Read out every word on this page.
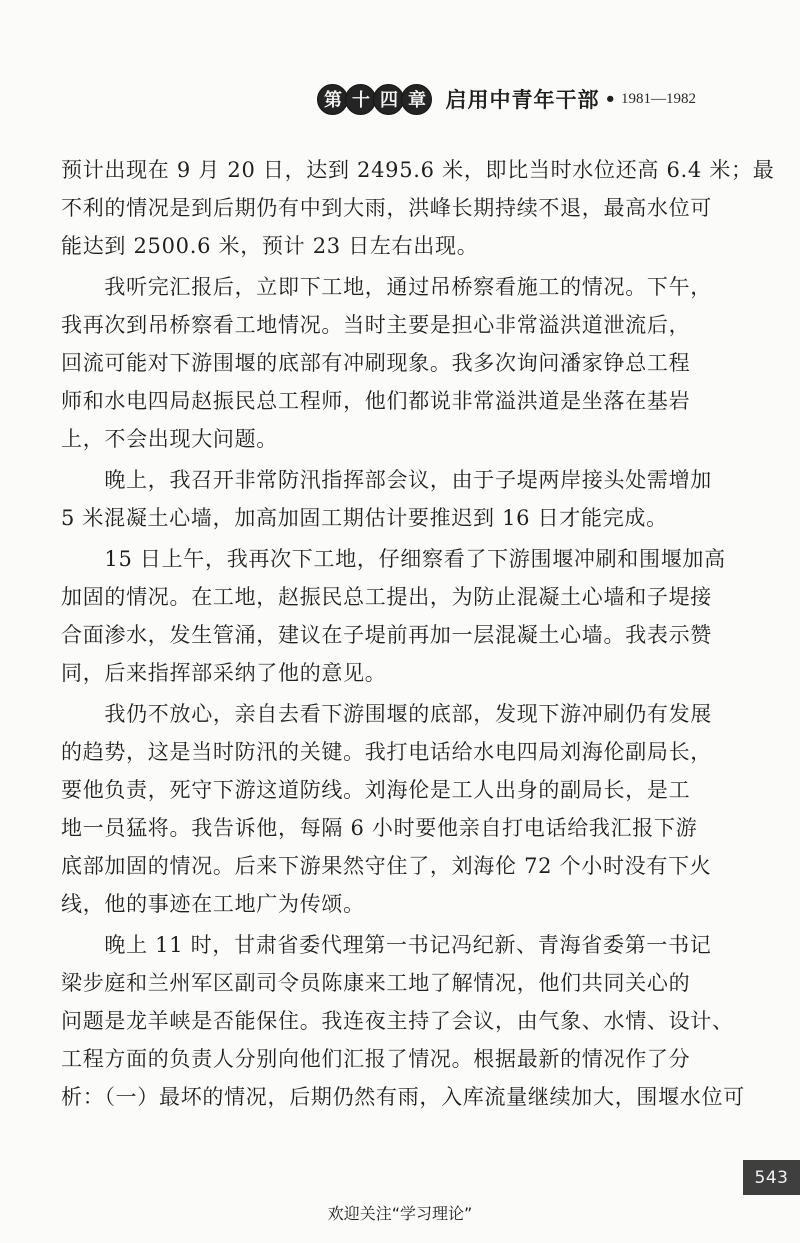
第 十 四 章 启用中青年干部 • 1981—1982
预计出现在 9 月 20 日，达到 2495.6 米，即比当时水位还高 6.4 米；最
不利的情况是到后期仍有中到大雨，洪峰长期持续不退，最高水位可
能达到 2500.6 米，预计 23 日左右出现。
　　我听完汇报后，立即下工地，通过吊桥察看施工的情况。下午，
我再次到吊桥察看工地情况。当时主要是担心非常溢洪道泄流后，
回流可能对下游围堰的底部有冲刷现象。我多次询问潘家铮总工程
师和水电四局赵振民总工程师，他们都说非常溢洪道是坐落在基岩
上，不会出现大问题。
　　晚上，我召开非常防汛指挥部会议，由于子堤两岸接头处需增加
5 米混凝土心墙，加高加固工期估计要推迟到 16 日才能完成。
　　15 日上午，我再次下工地，仔细察看了下游围堰冲刷和围堰加高
加固的情况。在工地，赵振民总工提出，为防止混凝土心墙和子堤接
合面渗水，发生管涌，建议在子堤前再加一层混凝土心墙。我表示赞
同，后来指挥部采纳了他的意见。
　　我仍不放心，亲自去看下游围堰的底部，发现下游冲刷仍有发展
的趋势，这是当时防汛的关键。我打电话给水电四局刘海伦副局长，
要他负责，死守下游这道防线。刘海伦是工人出身的副局长，是工
地一员猛将。我告诉他，每隔 6 小时要他亲自打电话给我汇报下游
底部加固的情况。后来下游果然守住了，刘海伦 72 个小时没有下火
线，他的事迹在工地广为传颂。
　　晚上 11 时，甘肃省委代理第一书记冯纪新、青海省委第一书记
梁步庭和兰州军区副司令员陈康来工地了解情况，他们共同关心的
问题是龙羊峡是否能保住。我连夜主持了会议，由气象、水情、设计、
工程方面的负责人分别向他们汇报了情况。根据最新的情况作了分
析：（一）最坏的情况，后期仍然有雨，入库流量继续加大，围堰水位可
543
欢迎关注“学习理论”
